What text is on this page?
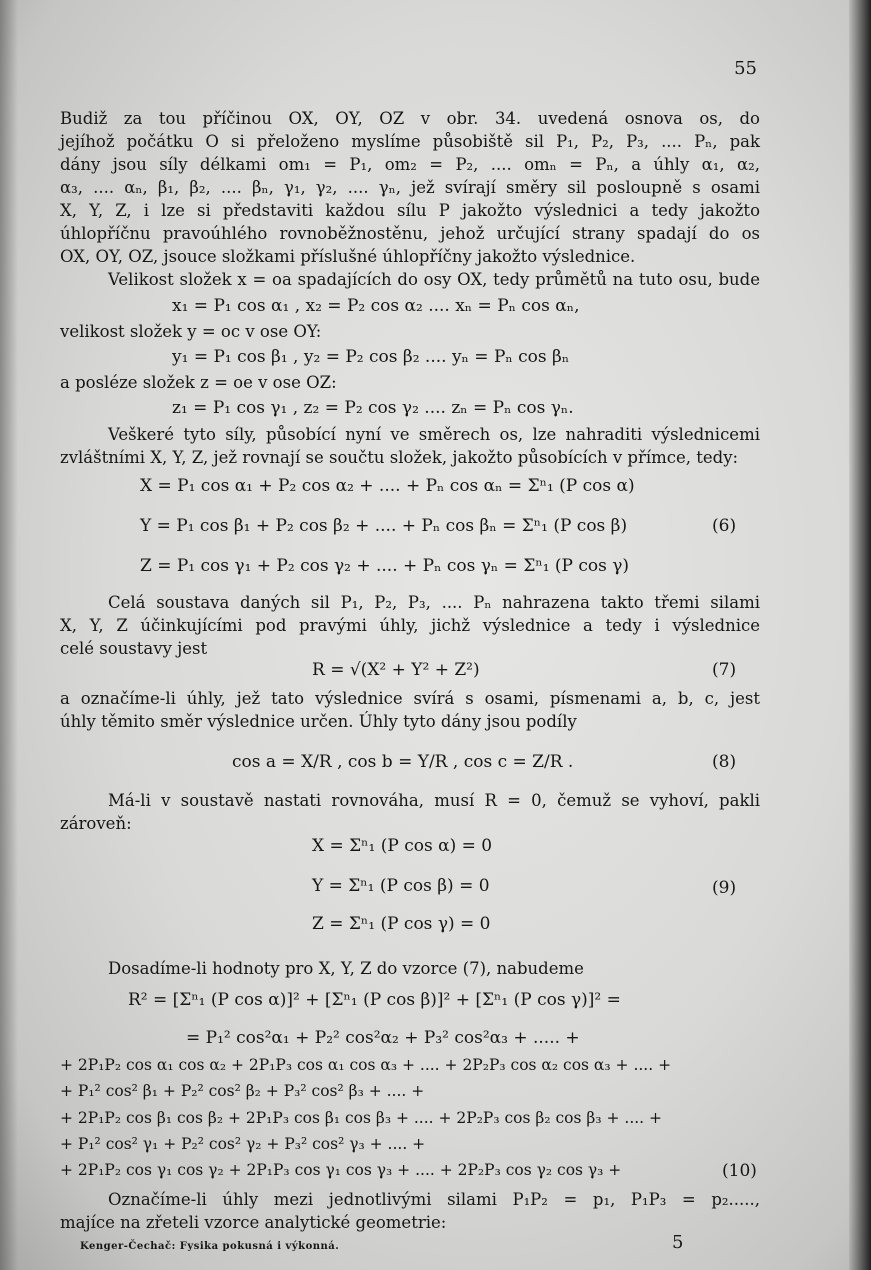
55
Budiž za tou příčinou OX, OY, OZ v obr. 34. uvedená osnova os, do
jejíhož počátku O si přeloženo myslíme působiště sil P₁, P₂, P₃, .... Pₙ, pak
dány jsou síly délkami om₁ = P₁, om₂ = P₂, .... omₙ = Pₙ, a úhly α₁, α₂,
α₃, .... αₙ, β₁, β₂, .... βₙ, γ₁, γ₂, .... γₙ, jež svírají směry sil posloupně s osami
X, Y, Z, i lze si představiti každou sílu P jakožto výslednici a tedy jakožto
úhlopříčnu pravoúhlého rovnoběžnostěnu, jehož určující strany spadají do os
OX, OY, OZ, jsouce složkami příslušné úhlopříčny jakožto výslednice.
Velikost složek x = oa spadajících do osy OX, tedy průmětů na tuto osu, bude
x₁ = P₁ cos α₁ , x₂ = P₂ cos α₂ .... xₙ = Pₙ cos αₙ,
velikost složek y = oc v ose OY:
y₁ = P₁ cos β₁ , y₂ = P₂ cos β₂ .... yₙ = Pₙ cos βₙ
a posléze složek z = oe v ose OZ:
z₁ = P₁ cos γ₁ , z₂ = P₂ cos γ₂ .... zₙ = Pₙ cos γₙ.
Veškeré tyto síly, působící nyní ve směrech os, lze nahraditi výslednicemi
zvláštními X, Y, Z, jež rovnají se součtu složek, jakožto působících v přímce, tedy:
X = P₁ cos α₁ + P₂ cos α₂ + .... + Pₙ cos αₙ = Σⁿ₁ (P cos α)
Y = P₁ cos β₁ + P₂ cos β₂ + .... + Pₙ cos βₙ = Σⁿ₁ (P cos β)	(6)
Z = P₁ cos γ₁ + P₂ cos γ₂ + .... + Pₙ cos γₙ = Σⁿ₁ (P cos γ)
Celá soustava daných sil P₁, P₂, P₃, .... Pₙ nahrazena takto třemi silami
X, Y, Z účinkujícími pod pravými úhly, jichž výslednice a tedy i výslednice
celé soustavy jest
R = √(X² + Y² + Z²)	(7)
a označíme-li úhly, jež tato výslednice svírá s osami, písmenami a, b, c, jest
úhly těmito směr výslednice určen. Úhly tyto dány jsou podíly
cos a = X/R , cos b = Y/R , cos c = Z/R .	(8)
Má-li v soustavě nastati rovnováha, musí R = 0, čemuž se vyhoví, pakli
zároveň:
X = Σⁿ₁ (P cos α) = 0
Y = Σⁿ₁ (P cos β) = 0	(9)
Z = Σⁿ₁ (P cos γ) = 0
Dosadíme-li hodnoty pro X, Y, Z do vzorce (7), nabudeme
R² = [Σⁿ₁ (P cos α)]² + [Σⁿ₁ (P cos β)]² + [Σⁿ₁ (P cos γ)]² =
= P₁² cos²α₁ + P₂² cos²α₂ + P₃² cos²α₃ + ..... +
+ 2P₁P₂ cos α₁ cos α₂ + 2P₁P₃ cos α₁ cos α₃ + .... + 2P₂P₃ cos α₂ cos α₃ + .... +
+ P₁² cos² β₁ + P₂² cos² β₂ + P₃² cos² β₃ + .... +
+ 2P₁P₂ cos β₁ cos β₂ + 2P₁P₃ cos β₁ cos β₃ + .... + 2P₂P₃ cos β₂ cos β₃ + .... +
+ P₁² cos² γ₁ + P₂² cos² γ₂ + P₃² cos² γ₃ + .... +
+ 2P₁P₂ cos γ₁ cos γ₂ + 2P₁P₃ cos γ₁ cos γ₃ + .... + 2P₂P₃ cos γ₂ cos γ₃ +	(10)
Označíme-li úhly mezi jednotlivými silami P₁P₂ = p₁, P₁P₃ = p₂.....,
majíce na zřeteli vzorce analytické geometrie:
Kenger-Čechač: Fysika pokusná i výkonná.	5
